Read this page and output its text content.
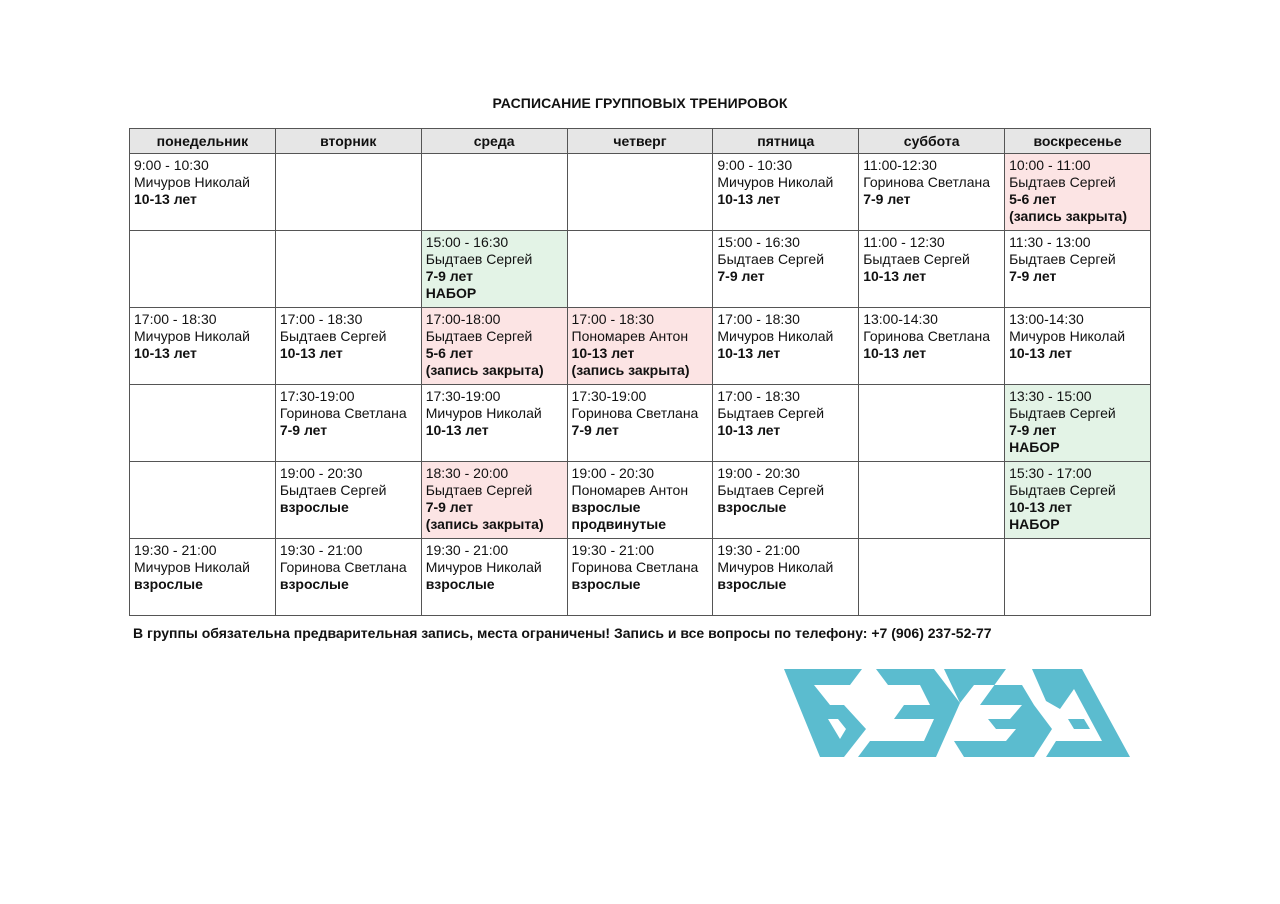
РАСПИСАНИЕ ГРУППОВЫХ ТРЕНИРОВОК
понедельник	вторник	среда	четверг	пятница	суббота	воскресенье

9:00 - 10:30
Мичуров Николай
10-13 лет				9:00 - 10:30
Мичуров Николай
10-13 лет	11:00-12:30
Горинова Светлана
7-9 лет	10:00 - 11:00
Быдтаев Сергей
5-6 лет
(запись закрыта)

		15:00 - 16:30
Быдтаев Сергей
7-9 лет
НАБОР		15:00 - 16:30
Быдтаев Сергей
7-9 лет	11:00 - 12:30
Быдтаев Сергей
10-13 лет	11:30 - 13:00
Быдтаев Сергей
7-9 лет

17:00 - 18:30
Мичуров Николай
10-13 лет	17:00 - 18:30
Быдтаев Сергей
10-13 лет	17:00-18:00
Быдтаев Сергей
5-6 лет
(запись закрыта)	17:00 - 18:30
Пономарев Антон
10-13 лет
(запись закрыта)	17:00 - 18:30
Мичуров Николай
10-13 лет	13:00-14:30
Горинова Светлана
10-13 лет	13:00-14:30
Мичуров Николай
10-13 лет

	17:30-19:00
Горинова Светлана
7-9 лет	17:30-19:00
Мичуров Николай
10-13 лет	17:30-19:00
Горинова Светлана
7-9 лет	17:00 - 18:30
Быдтаев Сергей
10-13 лет		13:30 - 15:00
Быдтаев Сергей
7-9 лет
НАБОР

	19:00 - 20:30
Быдтаев Сергей
взрослые	18:30 - 20:00
Быдтаев Сергей
7-9 лет
(запись закрыта)	19:00 - 20:30
Пономарев Антон
взрослые
продвинутые	19:00 - 20:30
Быдтаев Сергей
взрослые		15:30 - 17:00
Быдтаев Сергей
10-13 лет
НАБОР

19:30 - 21:00
Мичуров Николай
взрослые	19:30 - 21:00
Горинова Светлана
взрослые	19:30 - 21:00
Мичуров Николай
взрослые	19:30 - 21:00
Горинова Светлана
взрослые	19:30 - 21:00
Мичуров Николай
взрослые		

В группы обязательна предварительная запись, места ограничены! Запись и все вопросы по телефону: +7 (906) 237-52-77
